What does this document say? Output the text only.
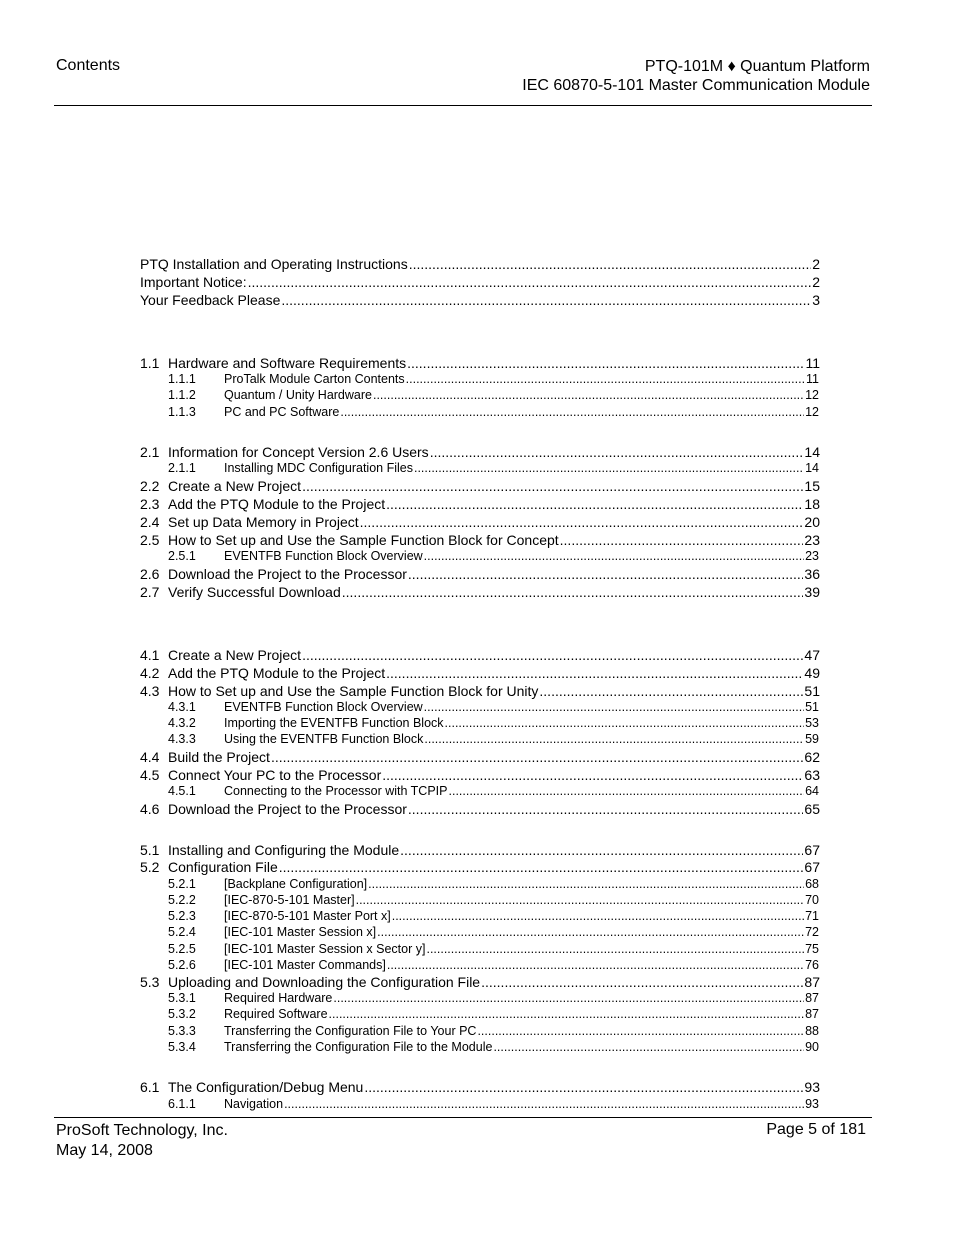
Contents	PTQ-101M ♦ Quantum Platform
IEC 60870-5-101 Master Communication Module
PTQ Installation and Operating Instructions .....	2
Important Notice: .....	2
Your Feedback Please .....	3
1.1 Hardware and Software Requirements .....	11
1.1.1 ProTalk Module Carton Contents .....	11
1.1.2 Quantum / Unity Hardware .....	12
1.1.3 PC and PC Software .....	12
2.1 Information for Concept Version 2.6 Users .....	14
2.1.1 Installing MDC Configuration Files .....	14
2.2 Create a New Project .....	15
2.3 Add the PTQ Module to the Project .....	18
2.4 Set up Data Memory in Project .....	20
2.5 How to Set up and Use the Sample Function Block for Concept .....	23
2.5.1 EVENTFB Function Block Overview .....	23
2.6 Download the Project to the Processor .....	36
2.7 Verify Successful Download .....	39
4.1 Create a New Project .....	47
4.2 Add the PTQ Module to the Project .....	49
4.3 How to Set up and Use the Sample Function Block for Unity .....	51
4.3.1 EVENTFB Function Block Overview .....	51
4.3.2 Importing the EVENTFB Function Block .....	53
4.3.3 Using the EVENTFB Function Block .....	59
4.4 Build the Project .....	62
4.5 Connect Your PC to the Processor .....	63
4.5.1 Connecting to the Processor with TCPIP .....	64
4.6 Download the Project to the Processor .....	65
5.1 Installing and Configuring the Module .....	67
5.2 Configuration File .....	67
5.2.1 [Backplane Configuration] .....	68
5.2.2 [IEC-870-5-101 Master] .....	70
5.2.3 [IEC-870-5-101 Master Port x] .....	71
5.2.4 [IEC-101 Master Session x] .....	72
5.2.5 [IEC-101 Master Session x Sector y] .....	75
5.2.6 [IEC-101 Master Commands] .....	76
5.3 Uploading and Downloading the Configuration File .....	87
5.3.1 Required Hardware .....	87
5.3.2 Required Software .....	87
5.3.3 Transferring the Configuration File to Your PC .....	88
5.3.4 Transferring the Configuration File to the Module .....	90
6.1 The Configuration/Debug Menu .....	93
6.1.1 Navigation .....	93
ProSoft Technology, Inc.
May 14, 2008
Page 5 of 181
